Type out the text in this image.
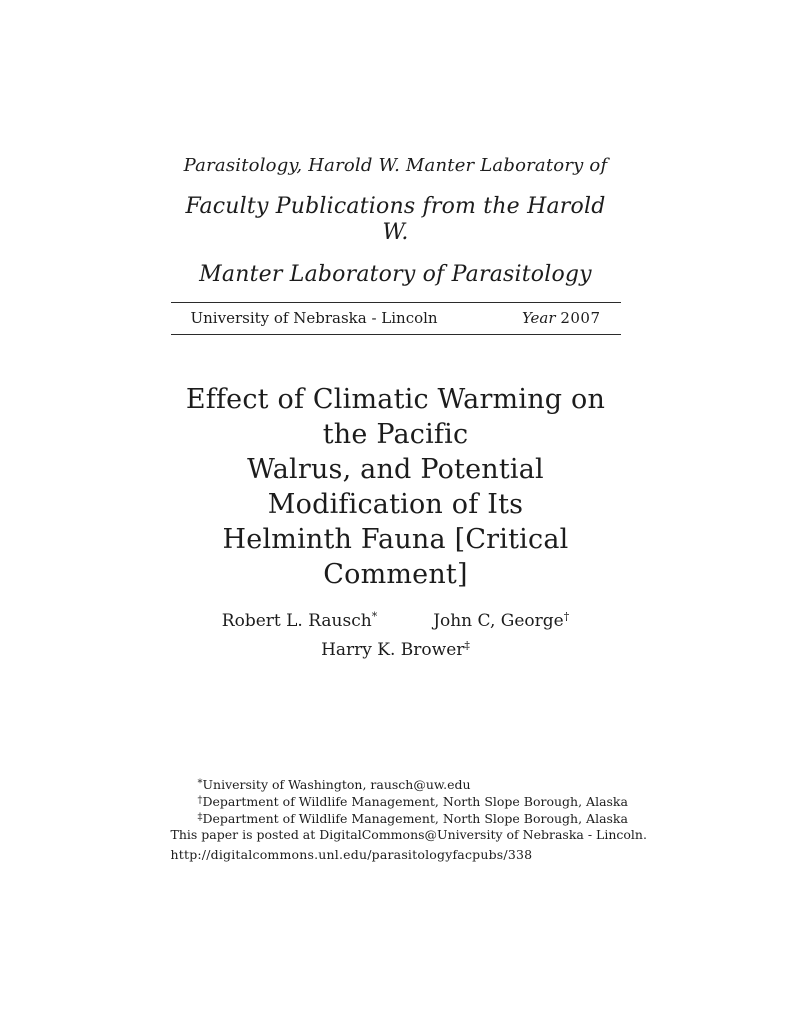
Parasitology, Harold W. Manter Laboratory of
Faculty Publications from the Harold W.
Manter Laboratory of Parasitology
University of Nebraska - Lincoln	Year 2007
Effect of Climatic Warming on the Pacific
Walrus, and Potential Modification of Its
Helminth Fauna [Critical Comment]
Robert L. Rausch*	John C, George†
Harry K. Brower‡
*University of Washington, rausch@uw.edu
†Department of Wildlife Management, North Slope Borough, Alaska
‡Department of Wildlife Management, North Slope Borough, Alaska
This paper is posted at DigitalCommons@University of Nebraska - Lincoln.
http://digitalcommons.unl.edu/parasitologyfacpubs/338
